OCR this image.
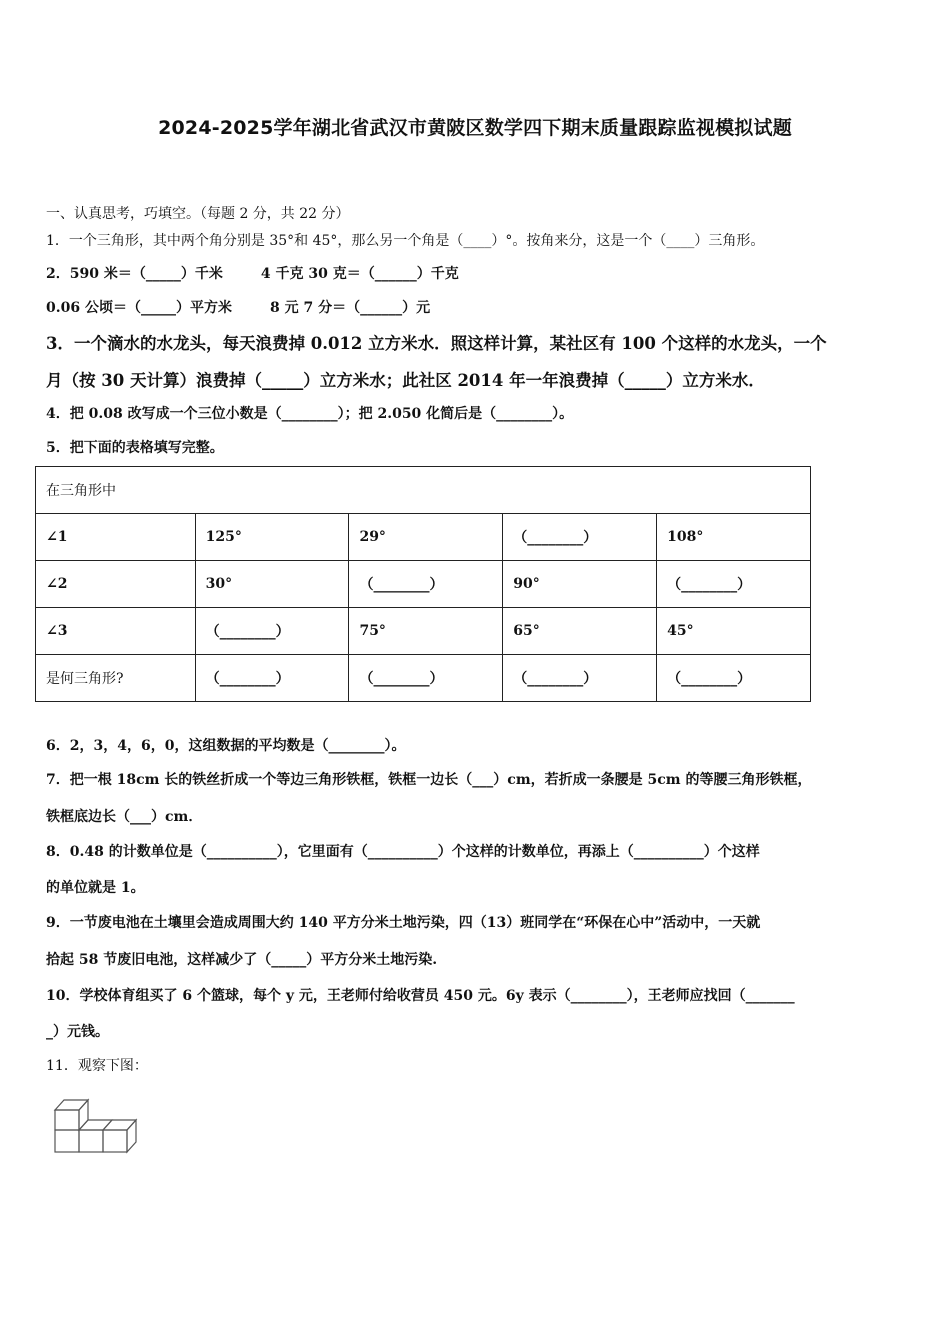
2024-2025学年湖北省武汉市黄陂区数学四下期末质量跟踪监视模拟试题
一、认真思考，巧填空。（每题 2 分，共 22 分）
1．一个三角形，其中两个角分别是 35°和 45°，那么另一个角是（____）°。按角来分，这是一个（____）三角形。
2．590 米＝（_____）千米	4 千克 30 克＝（______）千克
0.06 公顷＝（_____）平方米	8 元 7 分＝（______）元
3．一个滴水的水龙头，每天浪费掉 0.012 立方米水．照这样计算，某社区有 100 个这样的水龙头，一个
月（按 30 天计算）浪费掉（_____）立方米水；此社区 2014 年一年浪费掉（_____）立方米水．
4．把 0.08 改写成一个三位小数是（________）；把 2.050 化简后是（________）。
5．把下面的表格填写完整。
在三角形中				
∠1	125°	29°	（________）	108°
∠2	30°	（________）	90°	（________）
∠3	（________）	75°	65°	45°
是何三角形?	（________）	（________）	（________）	（________）
6．2，3，4，6，0，这组数据的平均数是（________）。
7．把一根 18cm 长的铁丝折成一个等边三角形铁框，铁框一边长（___）cm，若折成一条腰是 5cm 的等腰三角形铁框，
铁框底边长（___）cm．
8．0.48 的计数单位是（__________），它里面有（__________）个这样的计数单位，再添上（__________）个这样
的单位就是 1。
9．一节废电池在土壤里会造成周围大约 140 平方分米土地污染，四（13）班同学在“环保在心中”活动中，一天就
拾起 58 节废旧电池，这样减少了（_____）平方分米土地污染.
10．学校体育组买了 6 个篮球，每个 y 元，王老师付给收营员 450 元。6y 表示（________），王老师应找回（_______
_）元钱。
11．观察下图：
